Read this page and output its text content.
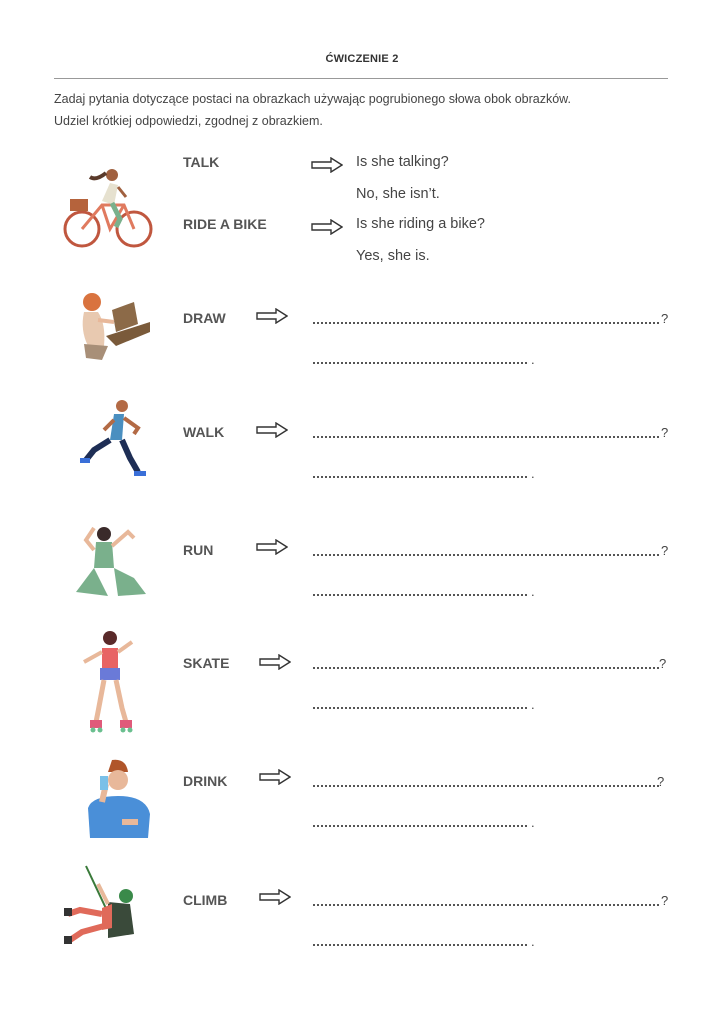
ĆWICZENIE 2
Zadaj pytania dotyczące postaci na obrazkach używając pogrubionego słowa obok obrazków.
Udziel krótkiej odpowiedzi, zgodnej z obrazkiem.
TALK	Is she talking?
No, she isn’t.
RIDE A BIKE	Is she riding a bike?
Yes, she is.
DRAW	?
.
WALK	?
.
RUN	?
.
SKATE	?
.
DRINK	?
.
CLIMB	?
.
